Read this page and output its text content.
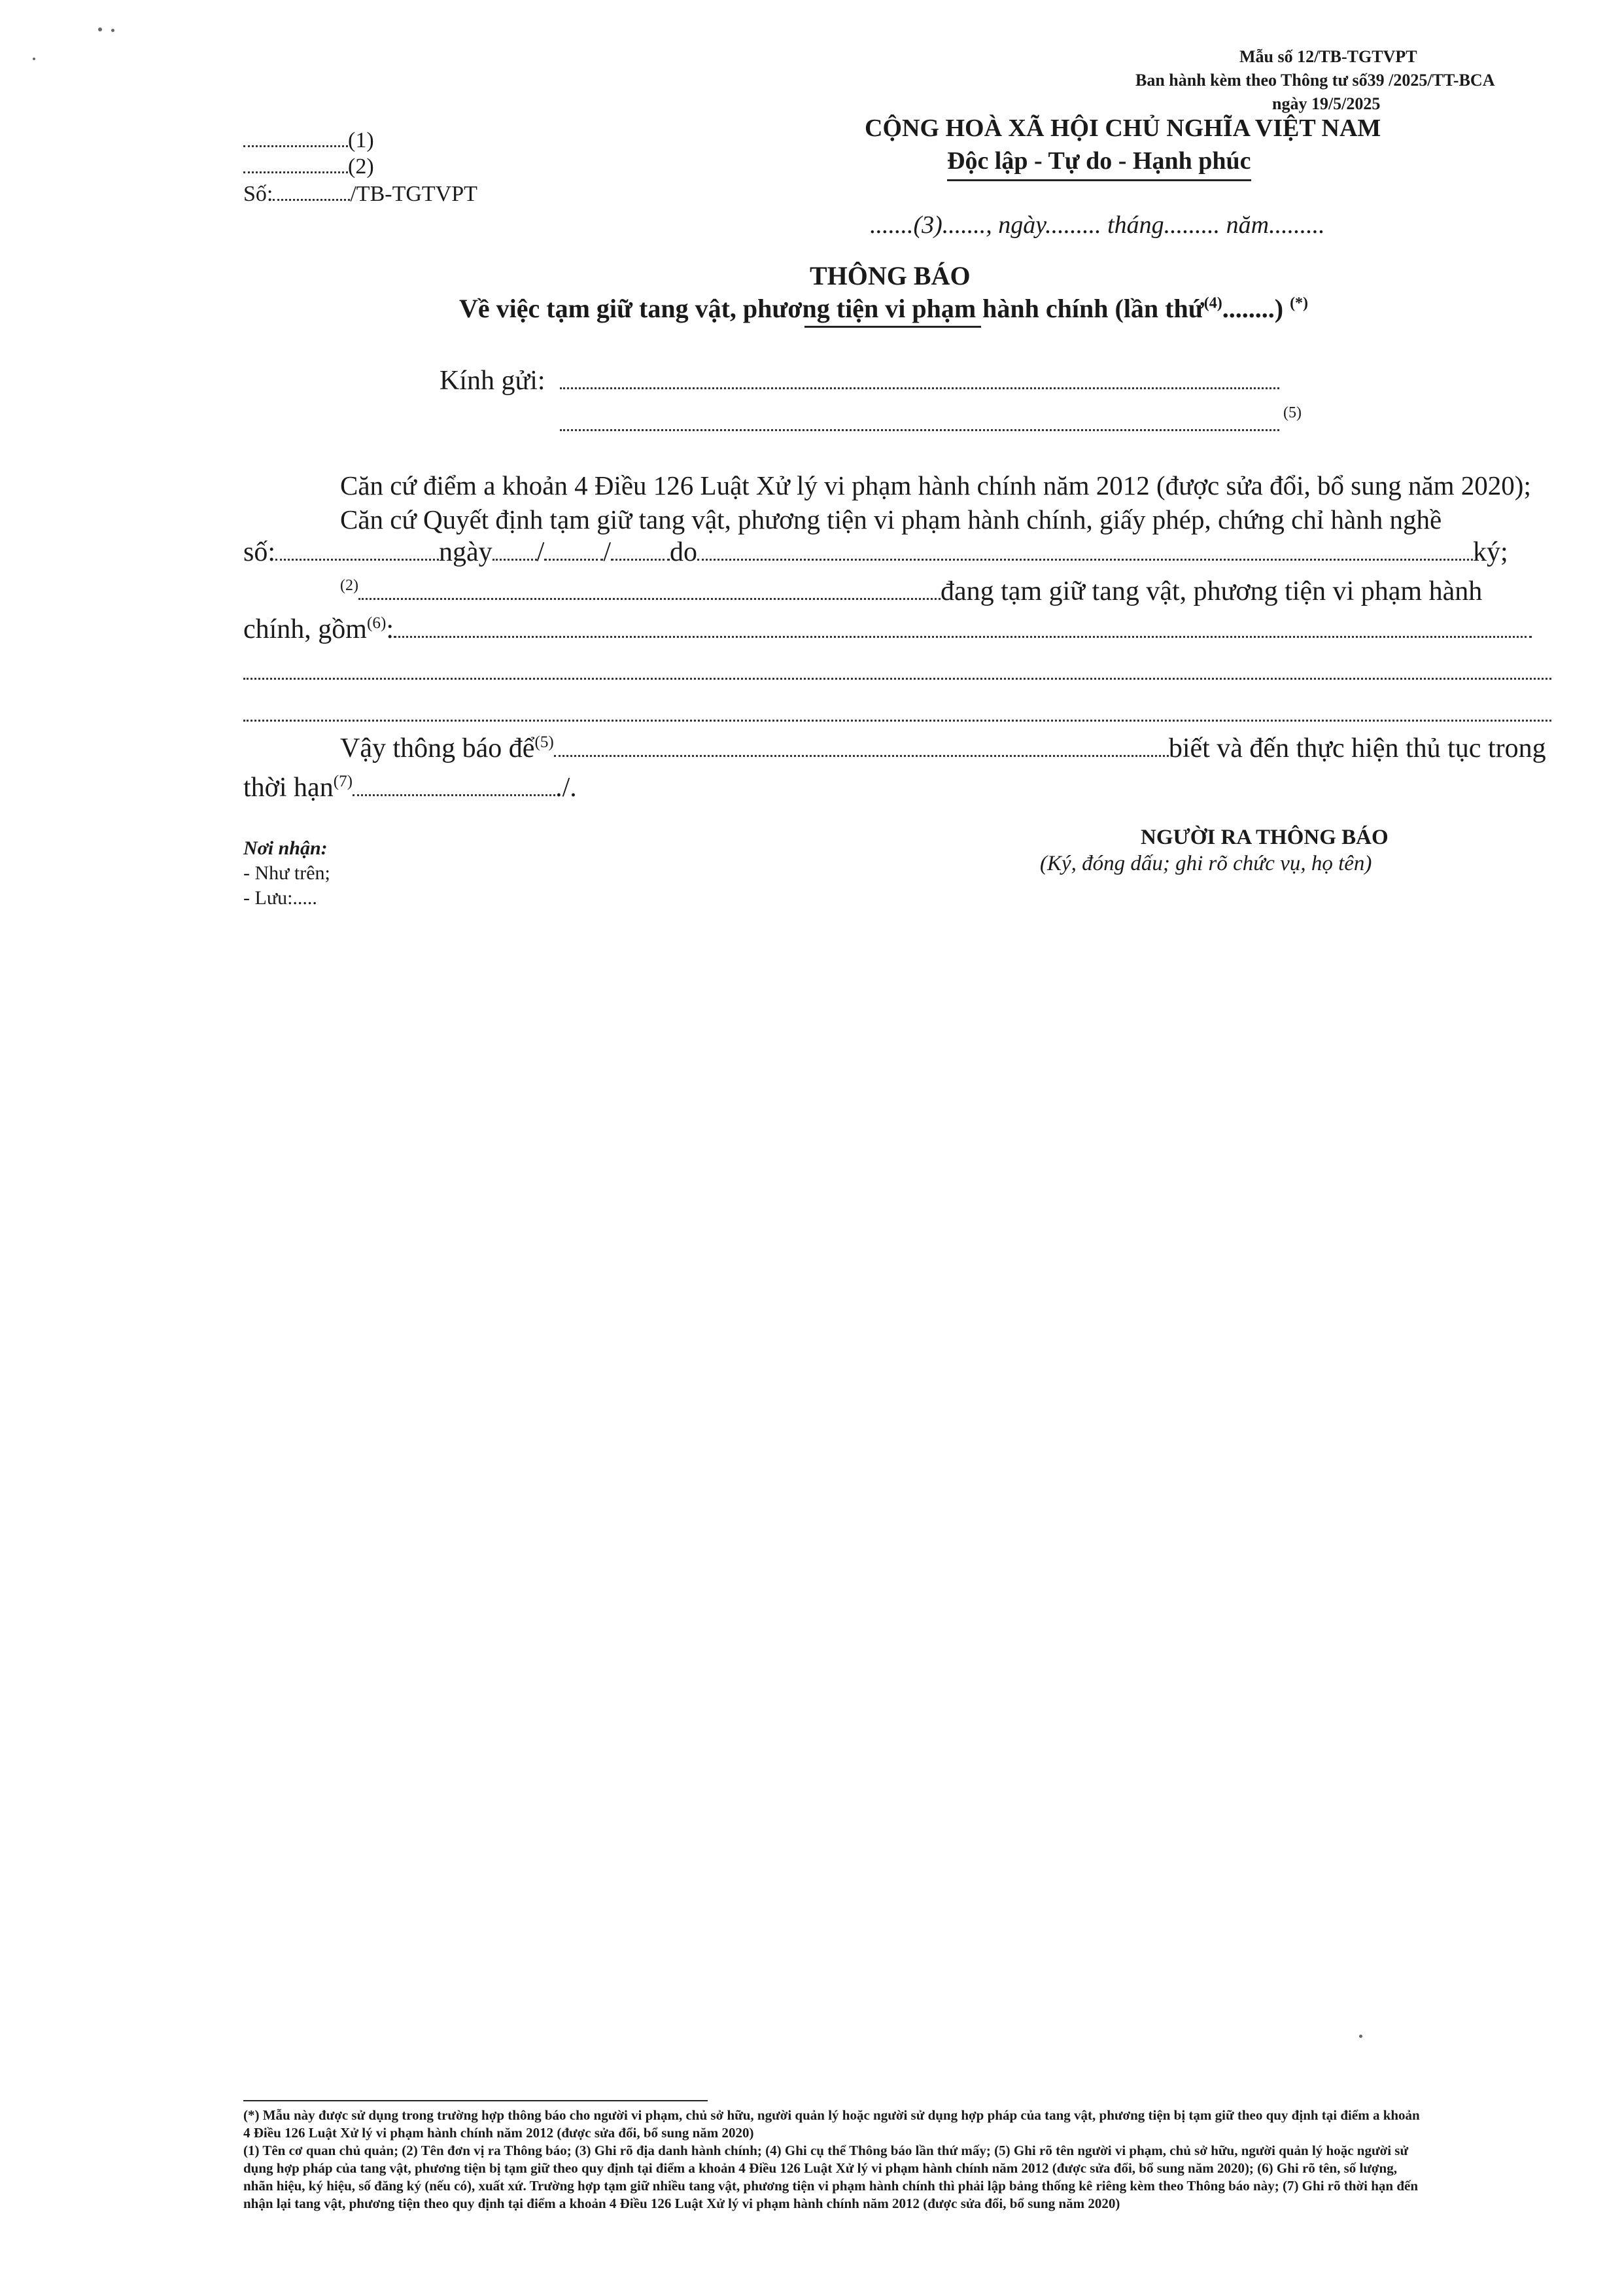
Mẫu số 12/TB-TGTVPT
Ban hành kèm theo Thông tư số39 /2025/TT-BCA
ngày 19/5/2025
(1)
(2)
Số:	/TB-TGTVPT
CỘNG HOÀ XÃ HỘI CHỦ NGHĨA VIỆT NAM
Độc lập - Tự do - Hạnh phúc
.......(3)......., ngày......... tháng......... năm.........
THÔNG BÁO
Về việc tạm giữ tang vật, phương tiện vi phạm hành chính (lần thứ$^{(4)}$........) (*)
Kính gửi:
(5)
Căn cứ điểm a khoản 4 Điều 126 Luật Xử lý vi phạm hành chính năm 2012 (được sửa đổi, bổ sung năm 2020);
Căn cứ Quyết định tạm giữ tang vật, phương tiện vi phạm hành chính, giấy phép, chứng chỉ hành nghề
số:	ngày / / do	ký;
$^{(2)}$	đang tạm giữ tang vật, phương tiện vi phạm hành
chính, gồm$^{(6)}$:
Vậy thông báo để$^{(5)}$	biết và đến thực hiện thủ tục trong
thời hạn$^{(7)}$	./.
Nơi nhận:
- Như trên;
- Lưu:.....
NGƯỜI RA THÔNG BÁO
(Ký, đóng dấu; ghi rõ chức vụ, họ tên)
(*) Mẫu này được sử dụng trong trường hợp thông báo cho người vi phạm, chủ sở hữu, người quản lý hoặc người sử dụng hợp pháp của tang vật, phương tiện bị tạm giữ theo quy định tại điểm a khoản
4 Điều 126 Luật Xử lý vi phạm hành chính năm 2012 (được sửa đổi, bổ sung năm 2020)
(1) Tên cơ quan chủ quản; (2) Tên đơn vị ra Thông báo; (3) Ghi rõ địa danh hành chính; (4) Ghi cụ thể Thông báo lần thứ mấy; (5) Ghi rõ tên người vi phạm, chủ sở hữu, người quản lý hoặc người sử
dụng hợp pháp của tang vật, phương tiện bị tạm giữ theo quy định tại điểm a khoản 4 Điều 126 Luật Xử lý vi phạm hành chính năm 2012 (được sửa đổi, bổ sung năm 2020); (6) Ghi rõ tên, số lượng,
nhãn hiệu, ký hiệu, số đăng ký (nếu có), xuất xứ. Trường hợp tạm giữ nhiều tang vật, phương tiện vi phạm hành chính thì phải lập bảng thống kê riêng kèm theo Thông báo này; (7) Ghi rõ thời hạn đến
nhận lại tang vật, phương tiện theo quy định tại điểm a khoản 4 Điều 126 Luật Xử lý vi phạm hành chính năm 2012 (được sửa đổi, bổ sung năm 2020)
